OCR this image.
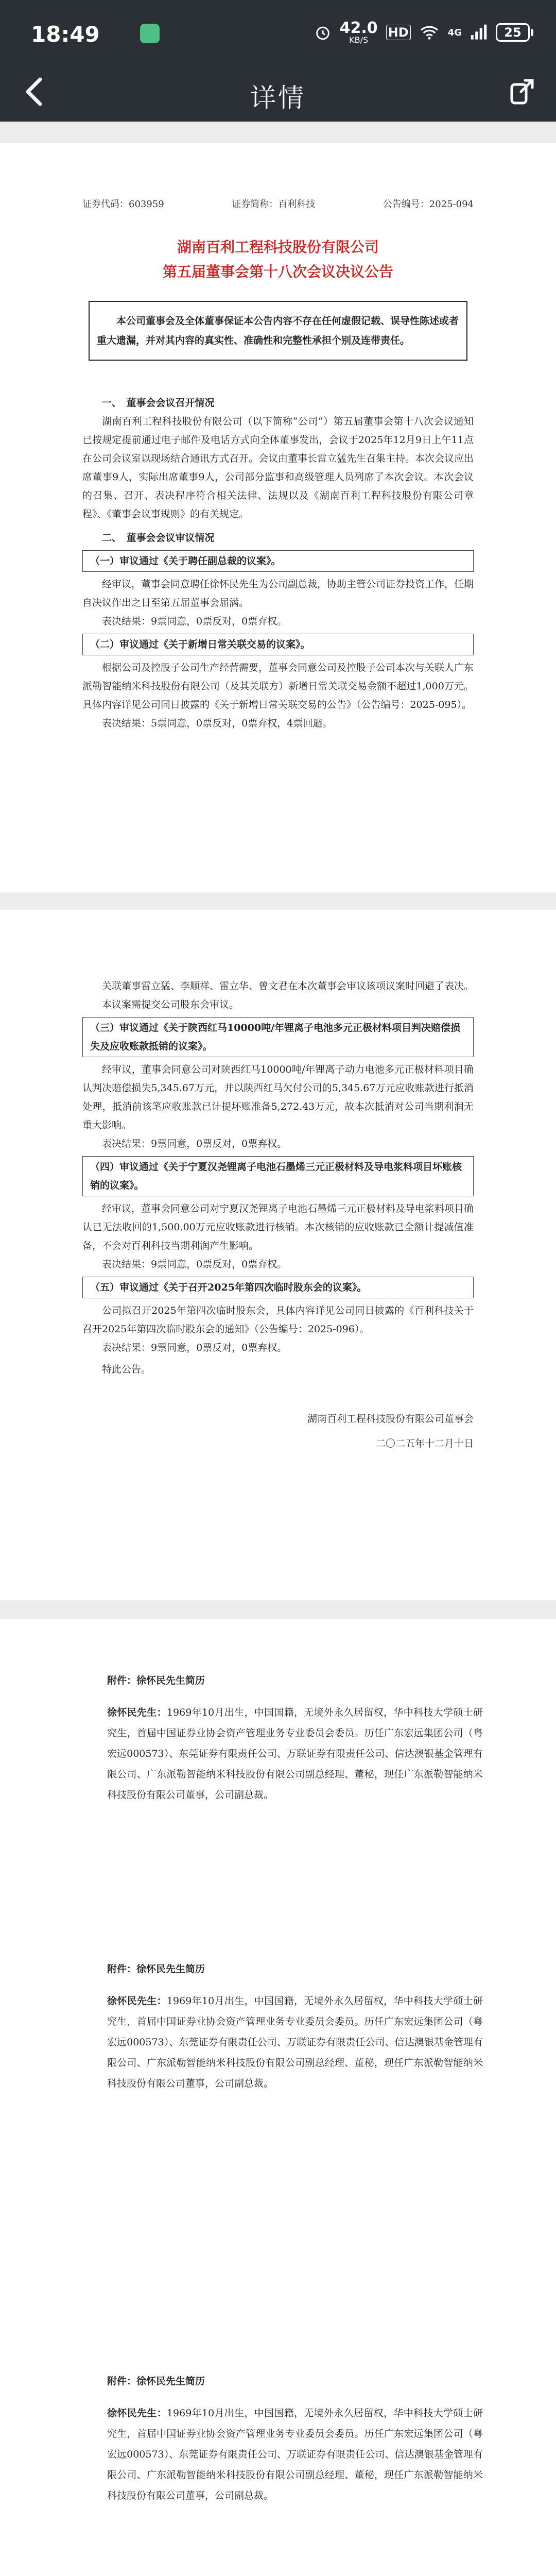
18:49	42.0
KB/S
HD	4G	25
详情
证券代码：603959	证券简称：百利科技	公告编号：2025-094
湖南百利工程科技股份有限公司
第五届董事会第十八次会议决议公告
本公司董事会及全体董事保证本公告内容不存在任何虚假记载、误导性陈述或者重大遗漏，并对其内容的真实性、准确性和完整性承担个别及连带责任。
一、　董事会会议召开情况
湖南百利工程科技股份有限公司（以下简称“公司”）第五届董事会第十八次会议通知已按规定提前通过电子邮件及电话方式向全体董事发出，会议于2025年12月9日上午11点在公司会议室以现场结合通讯方式召开。会议由董事长雷立猛先生召集主持。本次会议应出席董事9人，实际出席董事9人，公司部分监事和高级管理人员列席了本次会议。本次会议的召集、召开、表决程序符合相关法律、法规以及《湖南百利工程科技股份有限公司章程》、《董事会议事规则》的有关规定。
二、　董事会会议审议情况
（一）审议通过《关于聘任副总裁的议案》。
经审议，董事会同意聘任徐怀民先生为公司副总裁，协助主管公司证券投资工作，任期自决议作出之日至第五届董事会届满。
表决结果：9票同意，0票反对，0票弃权。
（二）审议通过《关于新增日常关联交易的议案》。
根据公司及控股子公司生产经营需要，董事会同意公司及控股子公司本次与关联人广东派勒智能纳米科技股份有限公司（及其关联方）新增日常关联交易金额不超过1,000万元。具体内容详见公司同日披露的《关于新增日常关联交易的公告》（公告编号：2025-095）。
表决结果：5票同意，0票反对，0票弃权，4票回避。
关联董事雷立猛、李顺祥、雷立华、曾文君在本次董事会审议该项议案时回避了表决。
本议案需提交公司股东会审议。
（三）审议通过《关于陕西红马10000吨/年锂离子电池多元正极材料项目判决赔偿损失及应收账款抵销的议案》。
经审议，董事会同意公司对陕西红马10000吨/年锂离子动力电池多元正极材料项目确认判决赔偿损失5,345.67万元，并以陕西红马欠付公司的5,345.67万元应收账款进行抵消处理，抵消前该笔应收账款已计提坏账准备5,272.43万元，故本次抵消对公司当期利润无重大影响。
表决结果：9票同意，0票反对，0票弃权。
（四）审议通过《关于宁夏汉尧锂离子电池石墨烯三元正极材料及导电浆料项目坏账核销的议案》。
经审议，董事会同意公司对宁夏汉尧锂离子电池石墨烯三元正极材料及导电浆料项目确认已无法收回的1,500.00万元应收账款进行核销。本次核销的应收账款已全额计提减值准备，不会对百利科技当期利润产生影响。
表决结果：9票同意，0票反对，0票弃权。
（五）审议通过《关于召开2025年第四次临时股东会的议案》。
公司拟召开2025年第四次临时股东会，具体内容详见公司同日披露的《百利科技关于召开2025年第四次临时股东会的通知》（公告编号：2025-096）。
表决结果：9票同意，0票反对，0票弃权。
特此公告。
湖南百利工程科技股份有限公司董事会
二〇二五年十二月十日
附件：徐怀民先生简历
徐怀民先生：1969年10月出生，中国国籍，无境外永久居留权，华中科技大学硕士研究生，首届中国证券业协会资产管理业务专业委员会委员。历任广东宏远集团公司（粤宏远000573）、东莞证券有限责任公司、万联证券有限责任公司、信达澳银基金管理有限公司、广东派勒智能纳米科技股份有限公司副总经理、董秘，现任广东派勒智能纳米科技股份有限公司董事，公司副总裁。
附件：徐怀民先生简历
徐怀民先生：1969年10月出生，中国国籍，无境外永久居留权，华中科技大学硕士研究生，首届中国证券业协会资产管理业务专业委员会委员。历任广东宏远集团公司（粤宏远000573）、东莞证券有限责任公司、万联证券有限责任公司、信达澳银基金管理有限公司、广东派勒智能纳米科技股份有限公司副总经理、董秘，现任广东派勒智能纳米科技股份有限公司董事，公司副总裁。
附件：徐怀民先生简历
徐怀民先生：1969年10月出生，中国国籍，无境外永久居留权，华中科技大学硕士研究生，首届中国证券业协会资产管理业务专业委员会委员。历任广东宏远集团公司（粤宏远000573）、东莞证券有限责任公司、万联证券有限责任公司、信达澳银基金管理有限公司、广东派勒智能纳米科技股份有限公司副总经理、董秘，现任广东派勒智能纳米科技股份有限公司董事，公司副总裁。
